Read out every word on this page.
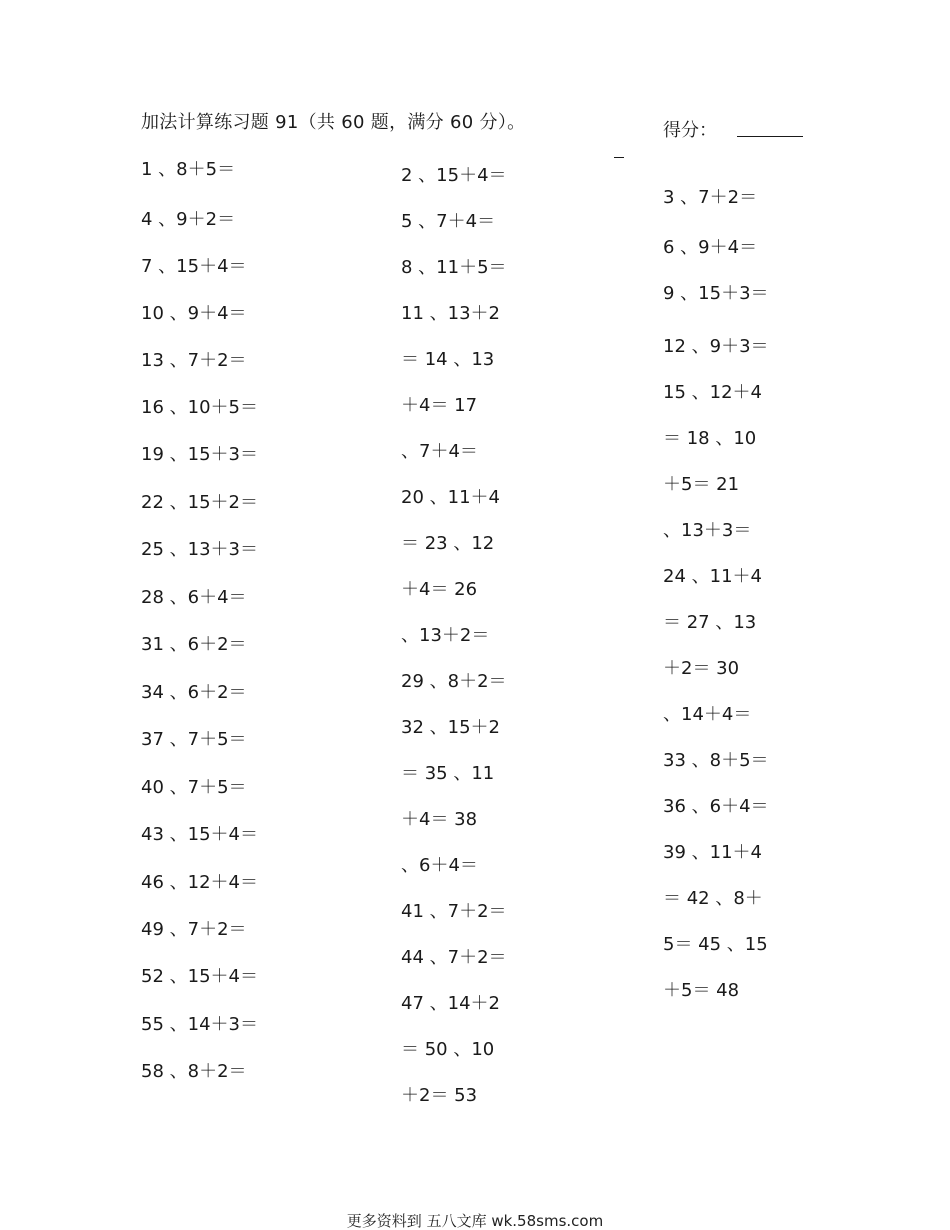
加法计算练习题 91（共 60 题，满分 60 分）。	得分：
1 、8＋5＝
4 、9＋2＝
7 、15＋4＝
10 、9＋4＝
13 、7＋2＝
16 、10＋5＝
19 、15＋3＝
22 、15＋2＝
25 、13＋3＝
28 、6＋4＝
31 、6＋2＝
34 、6＋2＝
37 、7＋5＝
40 、7＋5＝
43 、15＋4＝
46 、12＋4＝
49 、7＋2＝
52 、15＋4＝
55 、14＋3＝
58 、8＋2＝
2 、15＋4＝
5 、7＋4＝
8 、11＋5＝
11 、13＋2
＝ 14 、13
＋4＝ 17
、7＋4＝
20 、11＋4
＝ 23 、12
＋4＝ 26
、13＋2＝
29 、8＋2＝
32 、15＋2
＝ 35 、11
＋4＝ 38
、6＋4＝
41 、7＋2＝
44 、7＋2＝
47 、14＋2
＝ 50 、10
＋2＝ 53
3 、7＋2＝
6 、9＋4＝
9 、15＋3＝
12 、9＋3＝
15 、12＋4
＝ 18 、10
＋5＝ 21
、13＋3＝
24 、11＋4
＝ 27 、13
＋2＝ 30
、14＋4＝
33 、8＋5＝
36 、6＋4＝
39 、11＋4
＝ 42 、8＋
5＝ 45 、15
＋5＝ 48
更多资料到 五八文库 wk.58sms.com
